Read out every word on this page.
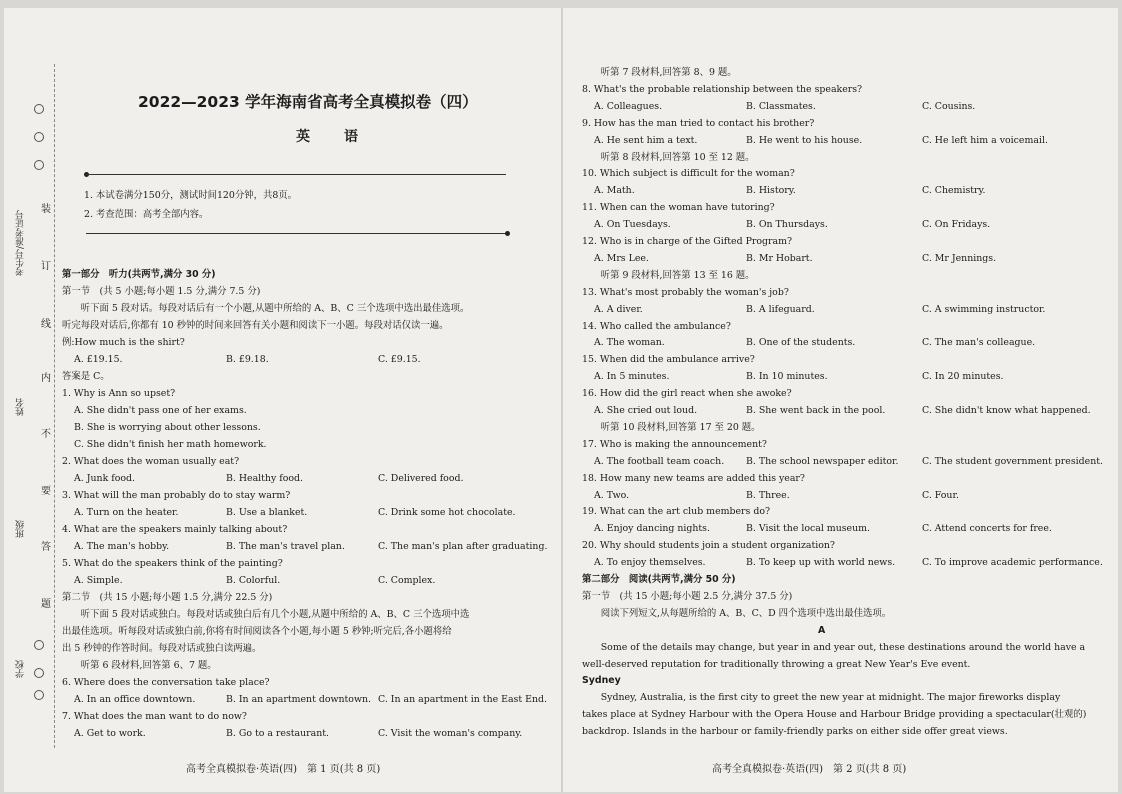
2022—2023 学年海南省高考全真模拟卷（四）
英　语
1. 本试卷满分150分，测试时间120分钟，共8页。
2. 考查范围：高考全部内容。
第一部分　听力(共两节,满分 30 分)
第一节　(共 5 小题;每小题 1.5 分,满分 7.5 分)
　　听下面 5 段对话。每段对话后有一个小题,从题中所给的 A、B、C 三个选项中选出最佳选项。
听完每段对话后,你都有 10 秒钟的时间来回答有关小题和阅读下一小题。每段对话仅读一遍。
例:How much is the shirt?
A. £19.15.	B. £9.18.	C. £9.15.
答案是 C。
1. Why is Ann so upset?
A. She didn't pass one of her exams.
B. She is worrying about other lessons.
C. She didn't finish her math homework.
2. What does the woman usually eat?
A. Junk food.	B. Healthy food.	C. Delivered food.
3. What will the man probably do to stay warm?
A. Turn on the heater.	B. Use a blanket.	C. Drink some hot chocolate.
4. What are the speakers mainly talking about?
A. The man's hobby.	B. The man's travel plan.	C. The man's plan after graduating.
5. What do the speakers think of the painting?
A. Simple.	B. Colorful.	C. Complex.
第二节　(共 15 小题;每小题 1.5 分,满分 22.5 分)
　　听下面 5 段对话或独白。每段对话或独白后有几个小题,从题中所给的 A、B、C 三个选项中选
出最佳选项。听每段对话或独白前,你将有时间阅读各个小题,每小题 5 秒钟;听完后,各小题将给
出 5 秒钟的作答时间。每段对话或独白读两遍。
　　听第 6 段材料,回答第 6、7 题。
6. Where does the conversation take place?
A. In an office downtown.	B. In an apartment downtown. C. In an apartment in the East End.
7. What does the man want to do now?
A. Get to work.	B. Go to a restaurant.	C. Visit the woman's company.
高考全真模拟卷·英语(四)　第 1 页(共 8 页)
　　听第 7 段材料,回答第 8、9 题。
8. What's the probable relationship between the speakers?
A. Colleagues.	B. Classmates.	C. Cousins.
9. How has the man tried to contact his brother?
A. He sent him a text.	B. He went to his house.	C. He left him a voicemail.
　　听第 8 段材料,回答第 10 至 12 题。
10. Which subject is difficult for the woman?
A. Math.	B. History.	C. Chemistry.
11. When can the woman have tutoring?
A. On Tuesdays.	B. On Thursdays.	C. On Fridays.
12. Who is in charge of the Gifted Program?
A. Mrs Lee.	B. Mr Hobart.	C. Mr Jennings.
　　听第 9 段材料,回答第 13 至 16 题。
13. What's most probably the woman's job?
A. A diver.	B. A lifeguard.	C. A swimming instructor.
14. Who called the ambulance?
A. The woman.	B. One of the students.	C. The man's colleague.
15. When did the ambulance arrive?
A. In 5 minutes.	B. In 10 minutes.	C. In 20 minutes.
16. How did the girl react when she awoke?
A. She cried out loud.	B. She went back in the pool.	C. She didn't know what happened.
　　听第 10 段材料,回答第 17 至 20 题。
17. Who is making the announcement?
A. The football team coach. B. The school newspaper editor.	C. The student government president.
18. How many new teams are added this year?
A. Two.	B. Three.	C. Four.
19. What can the art club members do?
A. Enjoy dancing nights.	B. Visit the local museum.	C. Attend concerts for free.
20. Why should students join a student organization?
A. To enjoy themselves.	B. To keep up with world news.	C. To improve academic performance.
第二部分　阅读(共两节,满分 50 分)
第一节　(共 15 小题;每小题 2.5 分,满分 37.5 分)
　　阅读下列短文,从每题所给的 A、B、C、D 四个选项中选出最佳选项。
A
　　Some of the details may change, but year in and year out, these destinations around the world have a
well-deserved reputation for traditionally throwing a great New Year's Eve event.
Sydney
　　Sydney, Australia, is the first city to greet the new year at midnight. The major fireworks display
takes place at Sydney Harbour with the Opera House and Harbour Bridge providing a spectacular(壮观的)
backdrop. Islands in the harbour or family-friendly parks on either side offer great views.
高考全真模拟卷·英语(四)　第 2 页(共 8 页)
装
订
线
内
不
要
答
题
考生号/准考证号
姓名
班级
学校
